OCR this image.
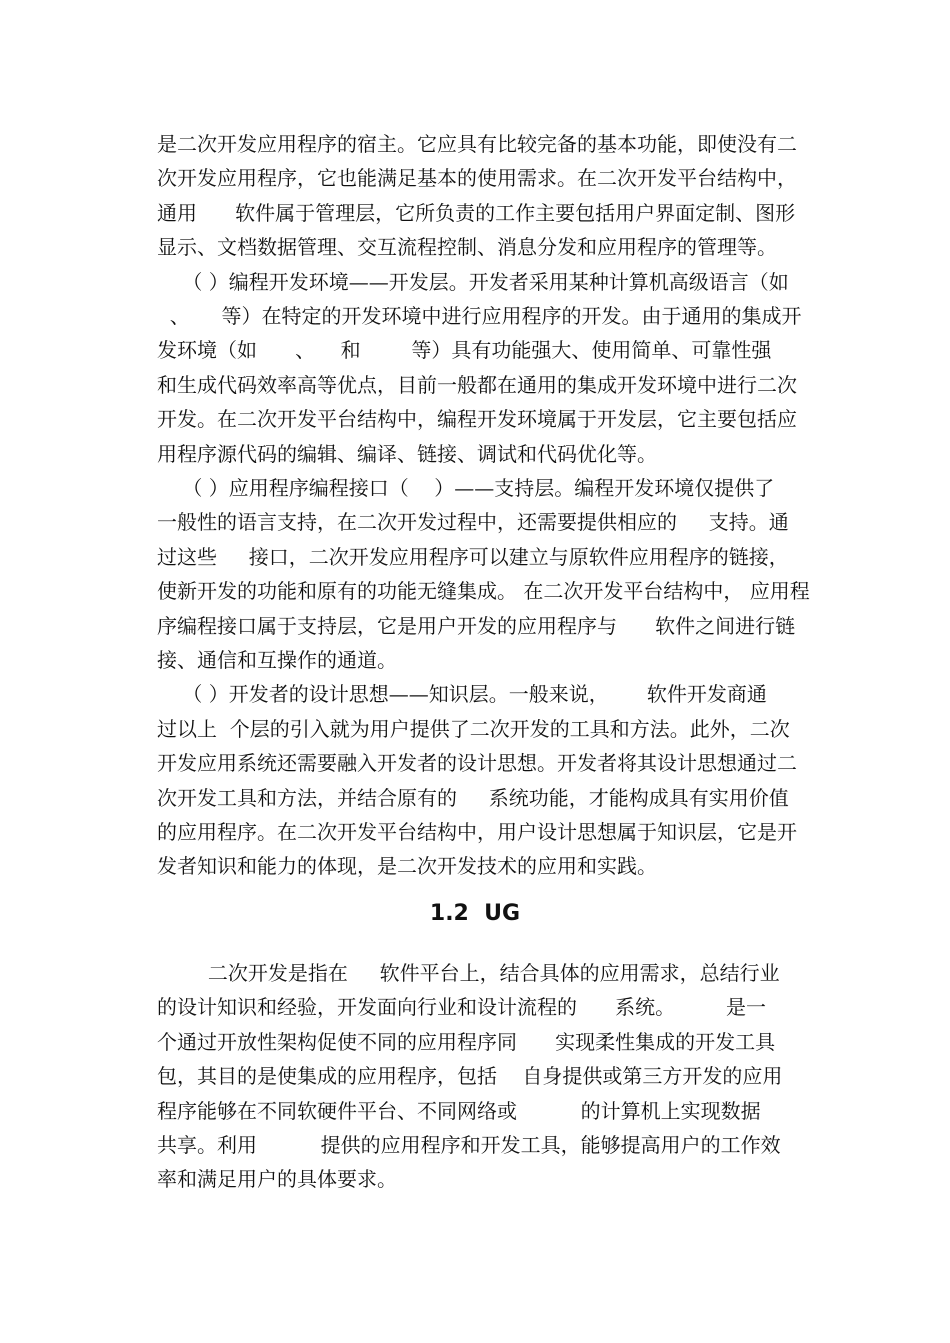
是二次开发应用程序的宿主。它应具有比较完备的基本功能，即使没有二
次开发应用程序，它也能满足基本的使用需求。在二次开发平台结构中，
通用      软件属于管理层，它所负责的工作主要包括用户界面定制、图形
显示、文档数据管理、交互流程控制、消息分发和应用程序的管理等。
（ ）编程开发环境——开发层。开发者采用某种计算机高级语言（如
、     等）在特定的开发环境中进行应用程序的开发。由于通用的集成开
发环境（如      、    和        等）具有功能强大、使用简单、可靠性强
和生成代码效率高等优点，目前一般都在通用的集成开发环境中进行二次
开发。在二次开发平台结构中，编程开发环境属于开发层，它主要包括应
用程序源代码的编辑、编译、链接、调试和代码优化等。
（ ）应用程序编程接口（    ）——支持层。编程开发环境仅提供了
一般性的语言支持，在二次开发过程中，还需要提供相应的     支持。通
过这些     接口，二次开发应用程序可以建立与原软件应用程序的链接，
使新开发的功能和原有的功能无缝集成。 在二次开发平台结构中， 应用程
序编程接口属于支持层，它是用户开发的应用程序与      软件之间进行链
接、通信和互操作的通道。
（ ）开发者的设计思想——知识层。一般来说，      软件开发商通
过以上  个层的引入就为用户提供了二次开发的工具和方法。此外，二次
开发应用系统还需要融入开发者的设计思想。开发者将其设计思想通过二
次开发工具和方法，并结合原有的     系统功能，才能构成具有实用价值
的应用程序。在二次开发平台结构中，用户设计思想属于知识层，它是开
发者知识和能力的体现，是二次开发技术的应用和实践。
1.2  UG
二次开发是指在     软件平台上，结合具体的应用需求，总结行业
的设计知识和经验，开发面向行业和设计流程的      系统。        是一
个通过开放性架构促使不同的应用程序同      实现柔性集成的开发工具
包，其目的是使集成的应用程序，包括    自身提供或第三方开发的应用
程序能够在不同软硬件平台、不同网络或          的计算机上实现数据
共享。利用          提供的应用程序和开发工具，能够提高用户的工作效
率和满足用户的具体要求。
